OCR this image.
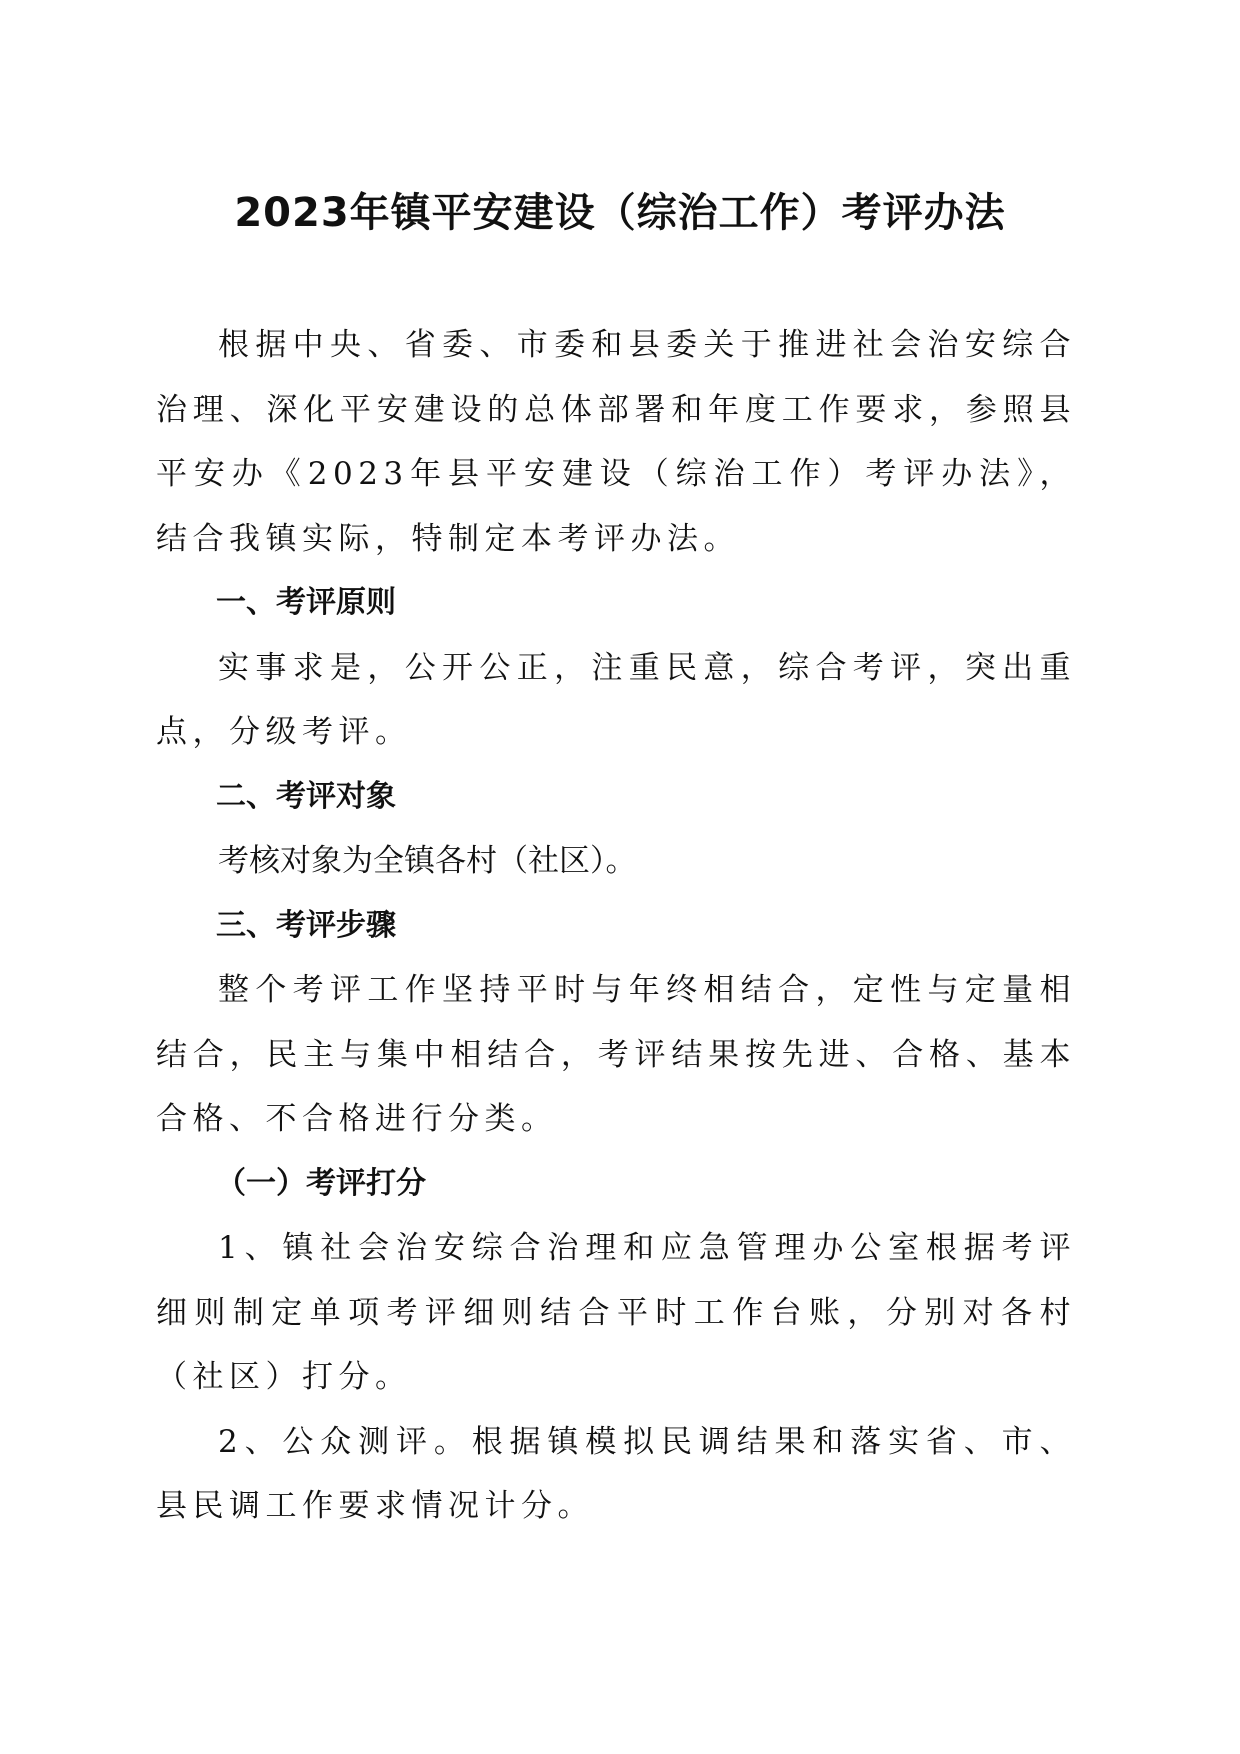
2023年镇平安建设（综治工作）考评办法

根据中央、省委、市委和县委关于推进社会治安综合治理、深化平安建设的总体部署和年度工作要求，参照县平安办《2023年县平安建设（综治工作）考评办法》，结合我镇实际，特制定本考评办法。

一、考评原则

实事求是，公开公正，注重民意，综合考评，突出重点，分级考评。

二、考评对象

考核对象为全镇各村（社区）。

三、考评步骤

整个考评工作坚持平时与年终相结合，定性与定量相结合，民主与集中相结合，考评结果按先进、合格、基本合格、不合格进行分类。

（一）考评打分

1、镇社会治安综合治理和应急管理办公室根据考评细则制定单项考评细则结合平时工作台账，分别对各村（社区）打分。

2、公众测评。根据镇模拟民调结果和落实省、市、县民调工作要求情况计分。
